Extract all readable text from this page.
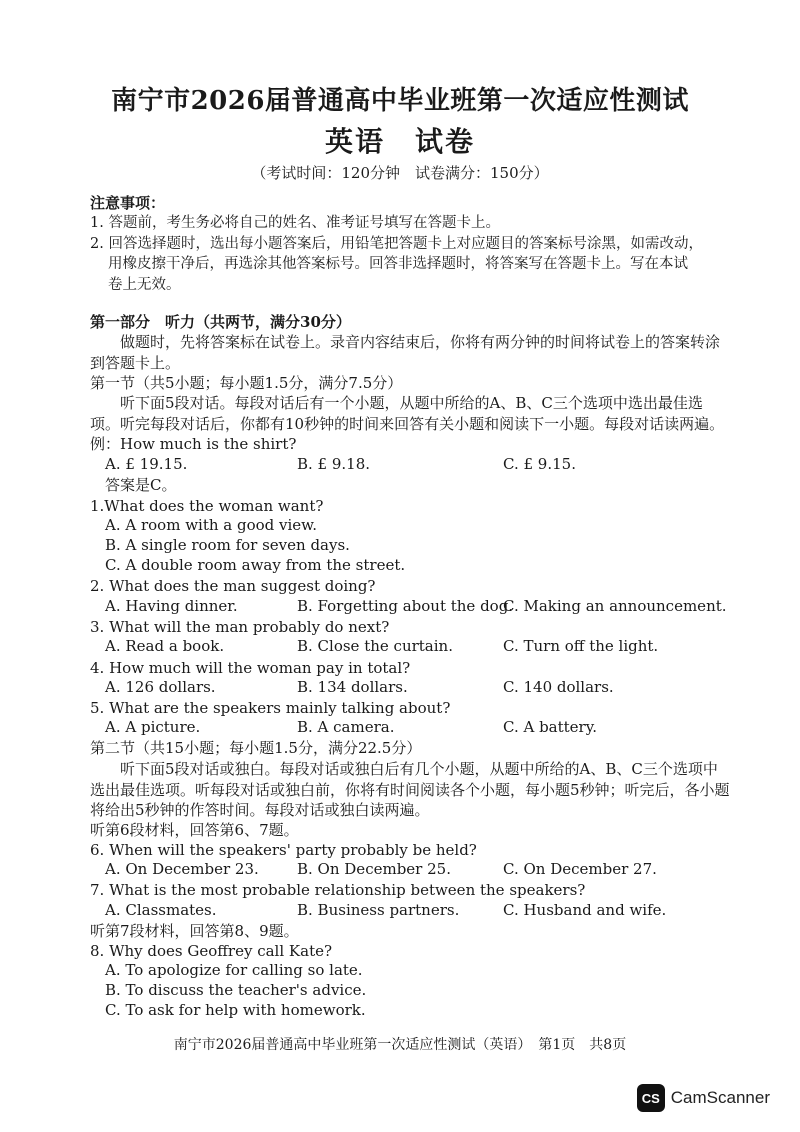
南宁市2026届普通高中毕业班第一次适应性测试
英语 试卷
（考试时间：120分钟　试卷满分：150分）
注意事项：
1. 答题前，考生务必将自己的姓名、准考证号填写在答题卡上。
2. 回答选择题时，选出每小题答案后，用铅笔把答题卡上对应题目的答案标号涂黑，如需改动，
用橡皮擦干净后，再选涂其他答案标号。回答非选择题时，将答案写在答题卡上。写在本试
卷上无效。
第一部分　听力（共两节，满分30分）
做题时，先将答案标在试卷上。录音内容结束后，你将有两分钟的时间将试卷上的答案转涂到答题卡上。
第一节（共5小题；每小题1.5分，满分7.5分）
听下面5段对话。每段对话后有一个小题，从题中所给的A、B、C三个选项中选出最佳选项。听完每段对话后，你都有10秒钟的时间来回答有关小题和阅读下一小题。每段对话读两遍。
例：How much is the shirt?
A. £ 19.15.	B. £ 9.18.	C. £ 9.15.
答案是C。
1.What does the woman want?
A. A room with a good view.
B. A single room for seven days.
C. A double room away from the street.
2. What does the man suggest doing?
A. Having dinner.	B. Forgetting about the dog.
C. Making an announcement.
3. What will the man probably do next?
A. Read a book.	B. Close the curtain.	C. Turn off the light.
4. How much will the woman pay in total?
A. 126 dollars.	B. 134 dollars.	C. 140 dollars.
5. What are the speakers mainly talking about?
A. A picture.	B. A camera.	C. A battery.
第二节（共15小题；每小题1.5分，满分22.5分）
听下面5段对话或独白。每段对话或独白后有几个小题，从题中所给的A、B、C三个选项中选出最佳选项。听每段对话或独白前，你将有时间阅读各个小题，每小题5秒钟；听完后，各小题将给出5秒钟的作答时间。每段对话或独白读两遍。
听第6段材料，回答第6、7题。
6. When will the speakers' party probably be held?
A. On December 23.	B. On December 25.	C. On December 27.
7. What is the most probable relationship between the speakers?
A. Classmates.	B. Business partners.	C. Husband and wife.
听第7段材料，回答第8、9题。
8. Why does Geoffrey call Kate?
A. To apologize for calling so late.
B. To discuss the teacher's advice.
C. To ask for help with homework.
南宁市2026届普通高中毕业班第一次适应性测试（英语）　第1页　共8页
CS CamScanner
